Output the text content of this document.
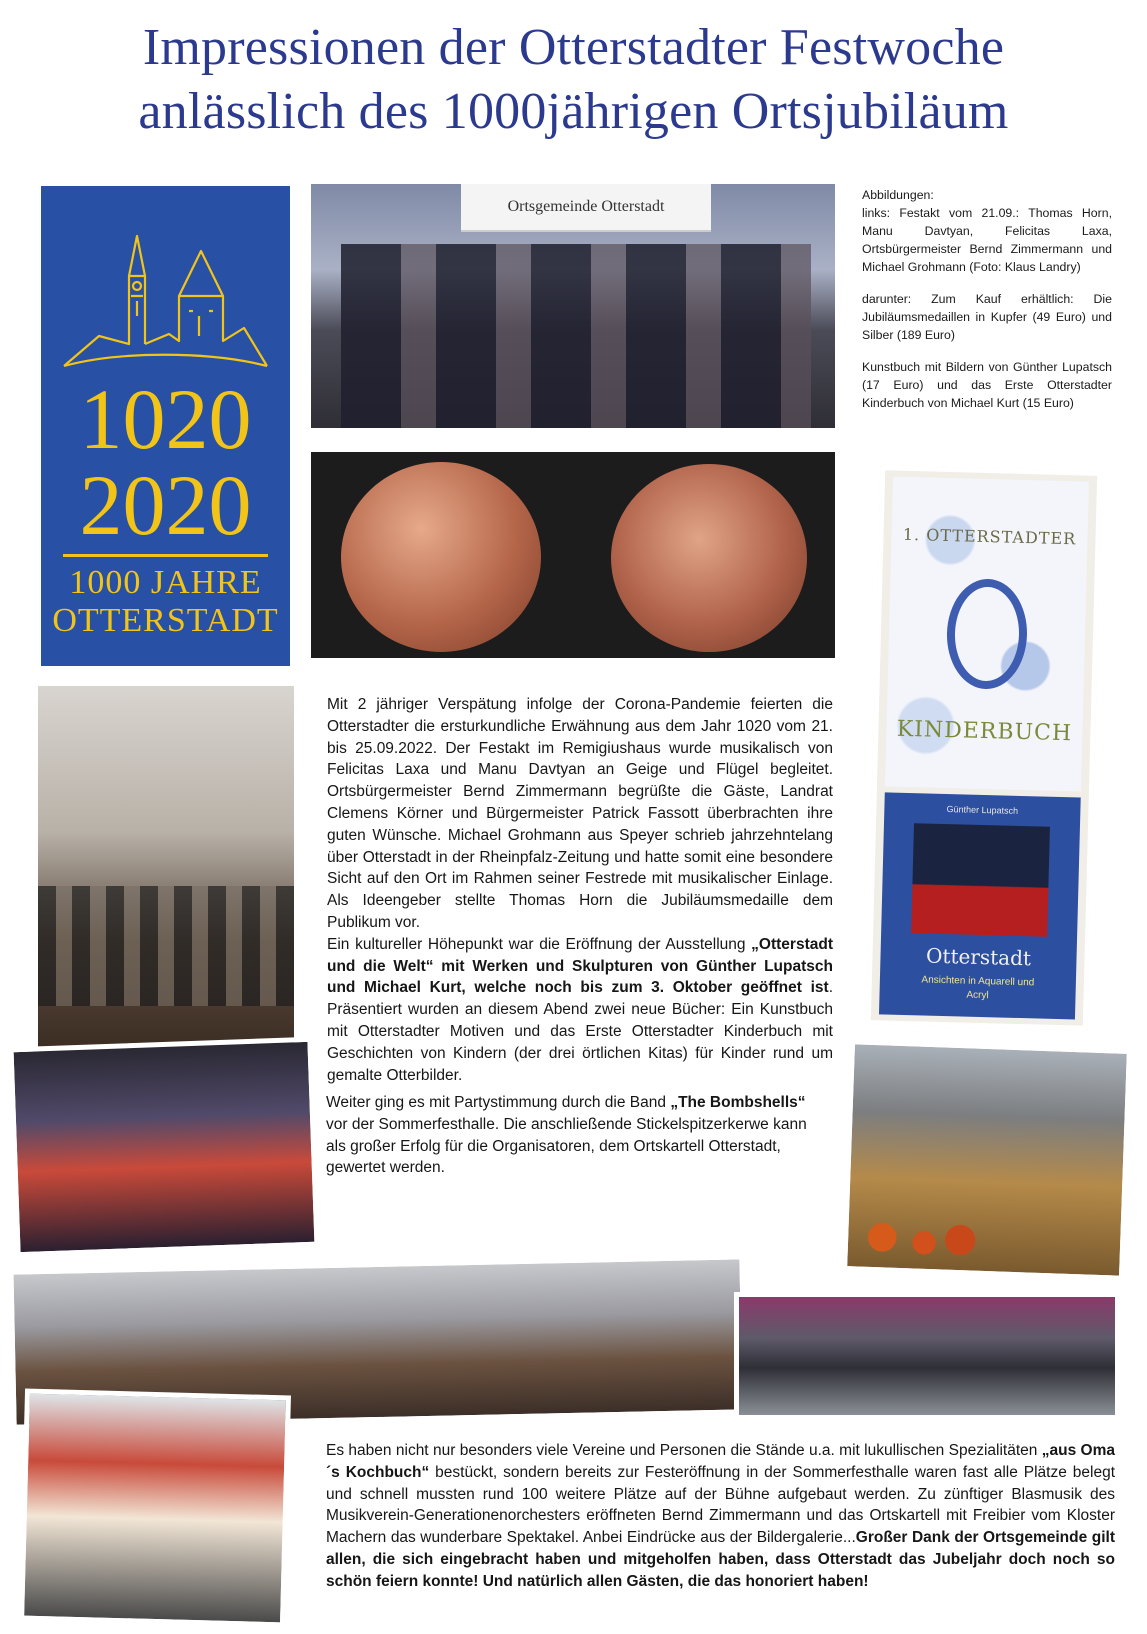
Impressionen der Otterstadter Festwoche
anlässlich des 1000jährigen Ortsjubiläum
1020
2020
1000 JAHRE
OTTERSTADT
Ortsgemeinde Otterstadt

Abbildungen:

links: Festakt vom 21.09.: Thomas Horn, Manu Davtyan, Felicitas Laxa, Ortsbürgermeister Bernd Zimmermann und Michael Grohmann (Foto: Klaus Landry)

darunter: Zum Kauf erhältlich: Die Jubiläumsmedaillen in Kupfer (49 Euro) und Silber (189 Euro)

Kunstbuch mit Bildern von Günther Lupatsch (17 Euro) und das Erste Otterstadter Kinderbuch von Michael Kurt (15 Euro)

1. OTTERSTADTER
KINDERBUCH
Günther Lupatsch
Otterstadt
Ansichten in Aquarell und Acryl
Mit 2 jähriger Verspätung infolge der Corona-Pandemie feierten die Otterstadter die ersturkundliche Erwähnung aus dem Jahr 1020 vom 21. bis 25.09.2022. Der Festakt im Remigiushaus wurde musikalisch von Felicitas Laxa und Manu Davtyan an Geige und Flügel begleitet. Ortsbürgermeister Bernd Zimmermann begrüßte die Gäste, Landrat Clemens Körner und Bürgermeister Patrick Fassott überbrachten ihre guten Wünsche. Michael Grohmann aus Speyer schrieb jahrzehntelang über Otterstadt in der Rheinpfalz-Zeitung und hatte somit eine besondere Sicht auf den Ort im Rahmen seiner Festrede mit musikalischer Einlage. Als Ideengeber stellte Thomas Horn die Jubiläumsmedaille dem Publikum vor.
Ein kultureller Höhepunkt war die Eröffnung der Ausstellung „Otterstadt und die Welt“ mit Werken und Skulpturen von Günther Lupatsch und Michael Kurt, welche noch bis zum 3. Oktober geöffnet ist. Präsentiert wurden an diesem Abend zwei neue Bücher: Ein Kunstbuch mit Otterstadter Motiven und das Erste Otterstadter Kinderbuch mit Geschichten von Kindern (der drei örtlichen Kitas) für Kinder rund um gemalte Otterbilder.
Weiter ging es mit Partystimmung durch die Band „The Bombshells“ vor der Sommerfesthalle. Die anschließende Stickelspitzerkerwe kann als großer Erfolg für die Organisatoren, dem Ortskartell Otterstadt, gewertet werden.
Es haben nicht nur besonders viele Vereine und Personen die Stände u.a. mit lukullischen Spezialitäten „aus Oma´s Kochbuch“ bestückt, sondern bereits zur Festeröffnung in der Sommerfesthalle waren fast alle Plätze belegt und schnell mussten rund 100 weitere Plätze auf der Bühne aufgebaut werden. Zu zünftiger Blasmusik des Musikverein-Generationenorchesters eröffneten Bernd Zimmermann und das Ortskartell mit Freibier vom Kloster Machern das wunderbare Spektakel. Anbei Eindrücke aus der Bildergalerie...Großer Dank der Ortsgemeinde gilt allen, die sich eingebracht haben und mitgeholfen haben, dass Otterstadt das Jubeljahr doch noch so schön feiern konnte! Und natürlich allen Gästen, die das honoriert haben!
